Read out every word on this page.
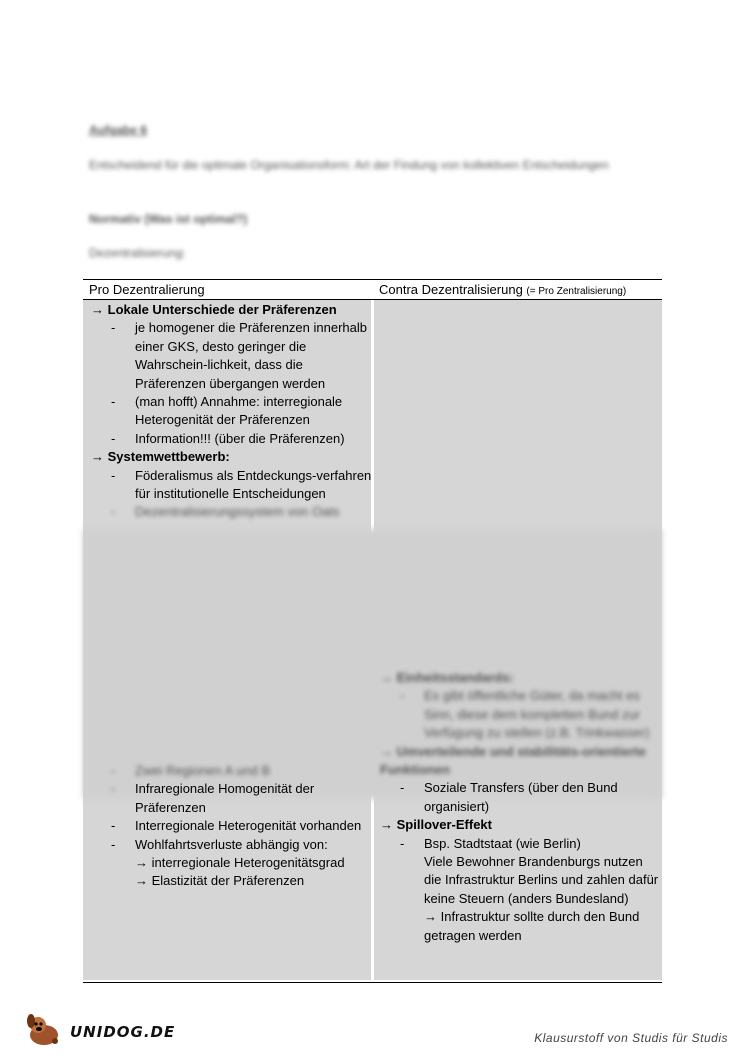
Aufgabe 6
Entscheidend für die optimale Organisationsform: Art der Findung von kollektiven Entscheidungen
Normativ (Was ist optimal?)
Dezentralisierung:
Pro Dezentralierung	Contra Dezentralisierung (= Pro Zentralisierung)
→ Lokale Unterschiede der Präferenzen
- je homogener die Präferenzen innerhalb einer GKS, desto geringer die Wahrschein-lichkeit, dass die Präferenzen übergangen werden
- (man hofft) Annahme: interregionale Heterogenität der Präferenzen
- Information!!! (über die Präferenzen)
→ Systemwettbewerb:
- Föderalismus als Entdeckungs-verfahren für institutionelle Entscheidungen
- Dezentralisierungssystem von Oats
- Zwei Regionen A und B
- Infraregionale Homogenität der Präferenzen
- Interregionale Heterogenität vorhanden
- Wohlfahrtsverluste abhängig von:
→ interregionale Heterogenitätsgrad
→ Elastizität der Präferenzen
→ Einheitsstandards:
- Es gibt öffentliche Güter, da macht es Sinn, diese dem kompletten Bund zur Verfügung zu stellen (z.B. Trinkwasser)
→ Umverteilende und stabilitäts-orientierte Funktionen
- Soziale Transfers (über den Bund organisiert)
→ Spillover-Effekt
- Bsp. Stadtstaat (wie Berlin)
Viele Bewohner Brandenburgs nutzen die Infrastruktur Berlins und zahlen dafür keine Steuern (anders Bundesland)
→ Infrastruktur sollte durch den Bund getragen werden
UNIDOG.DE	Klausurstoff von Studis für Studis
